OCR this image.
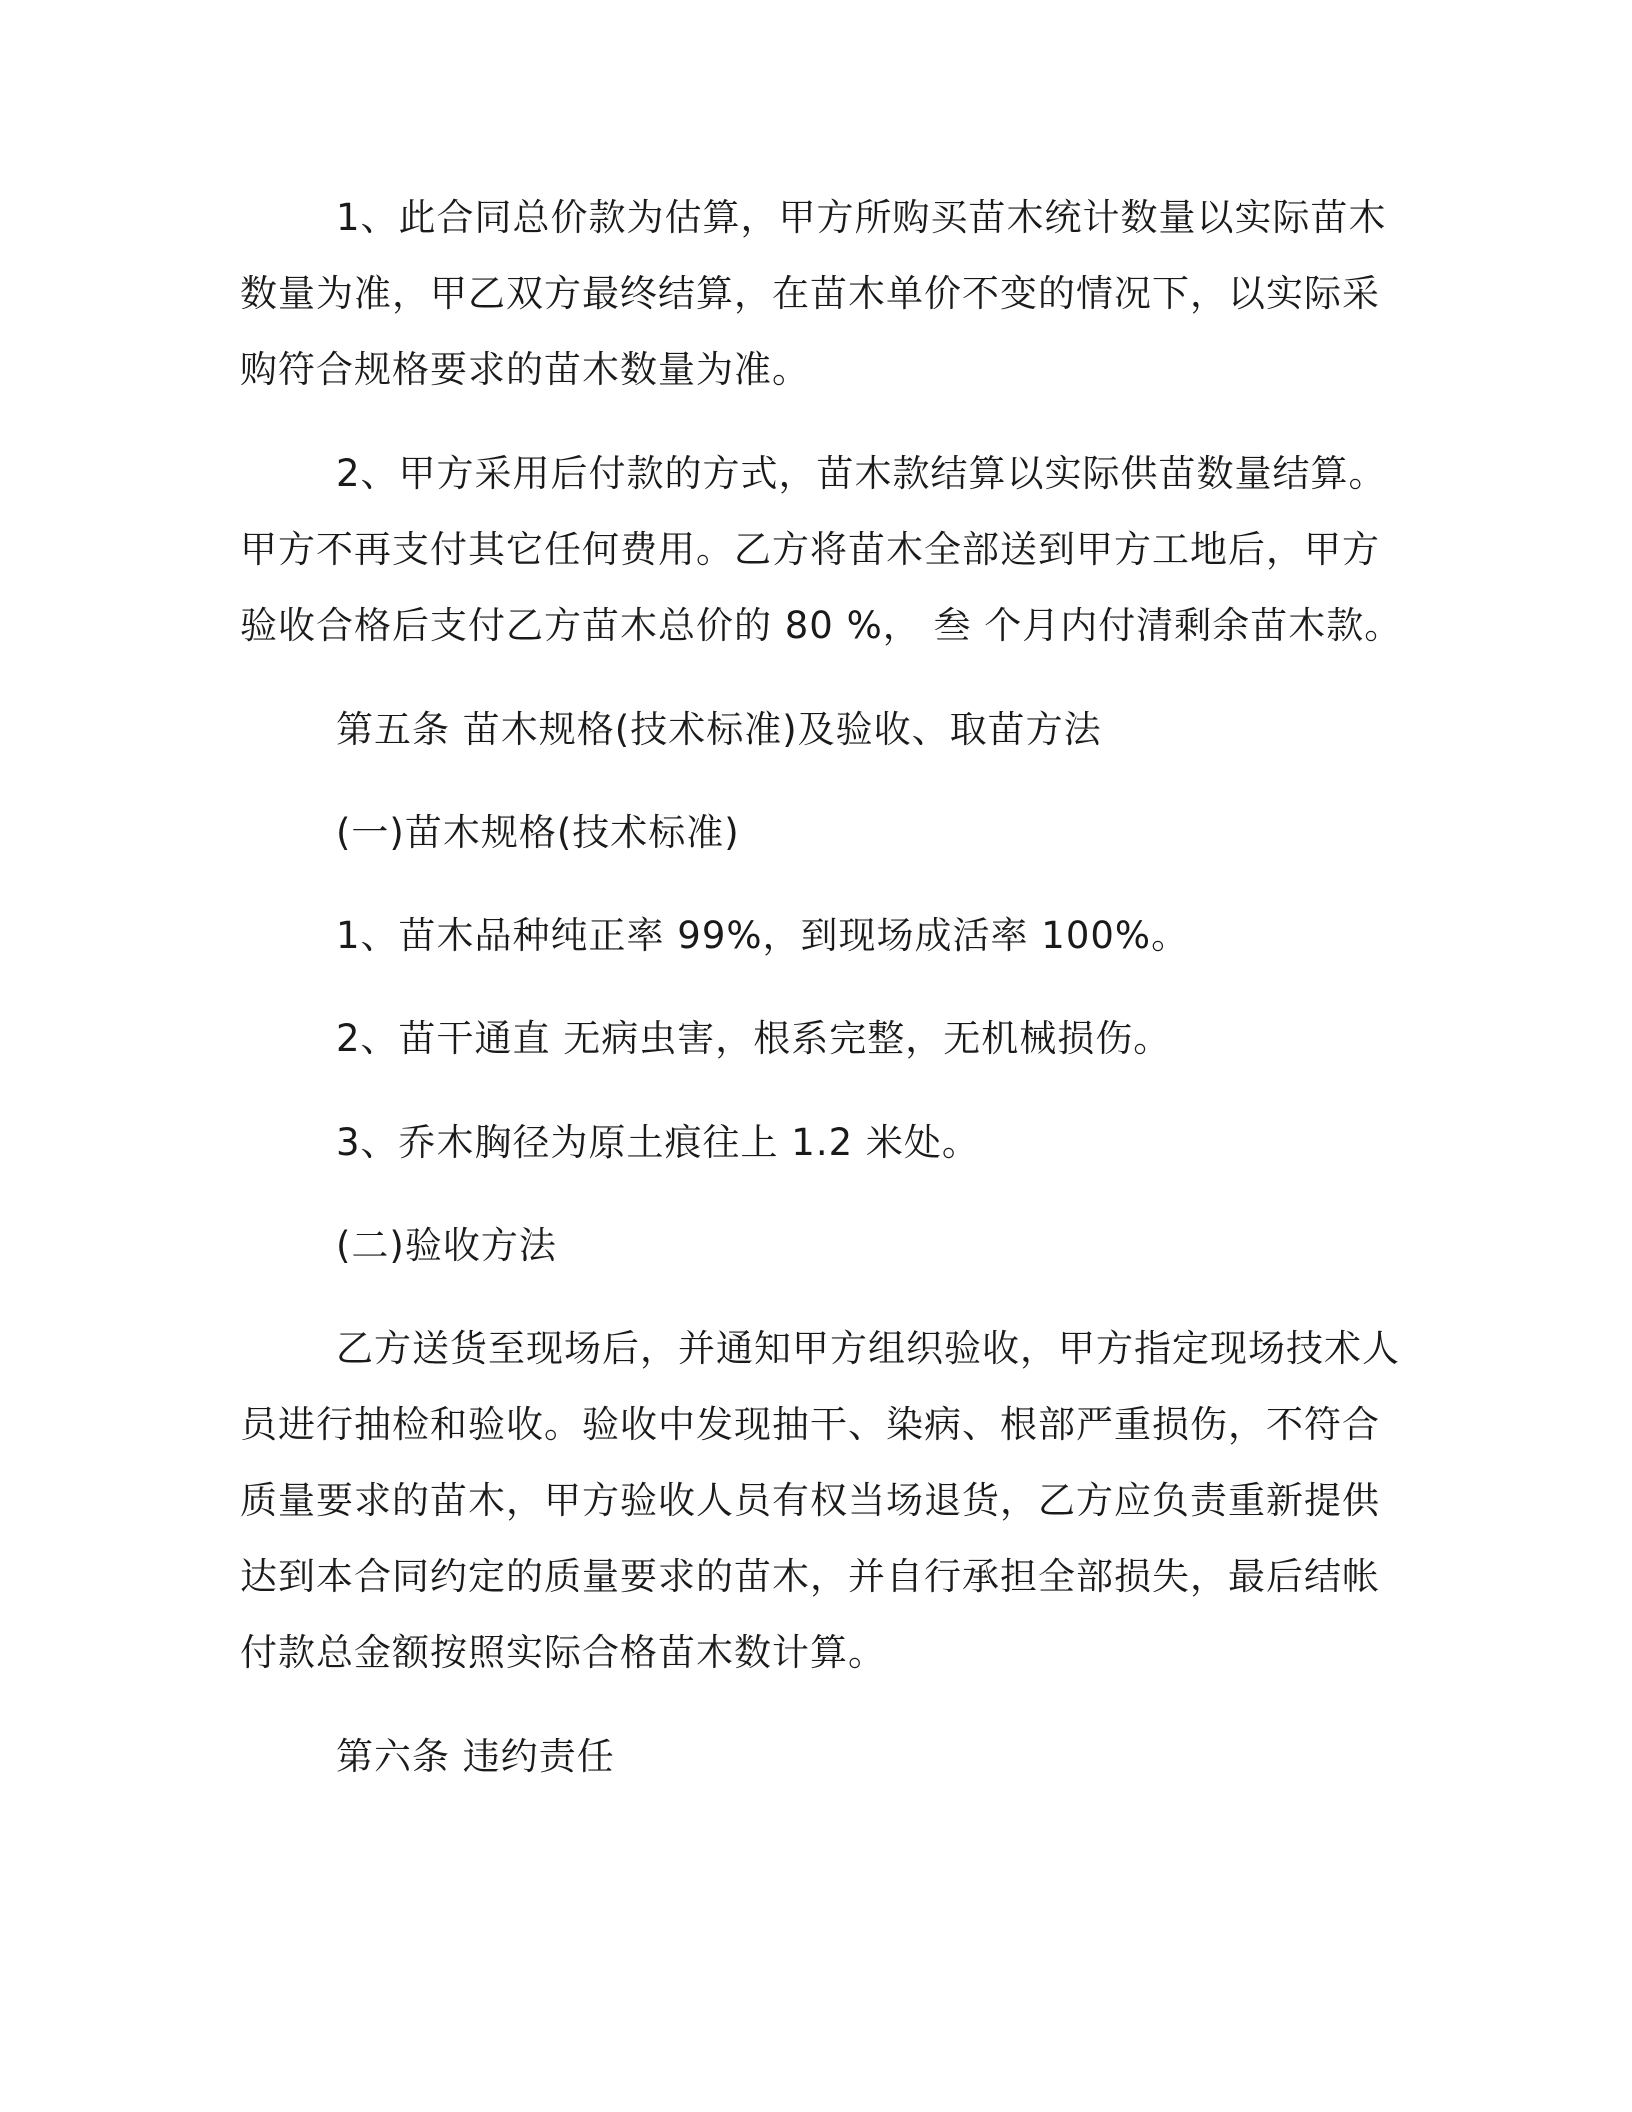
1、此合同总价款为估算，甲方所购买苗木统计数量以实际苗木
数量为准，甲乙双方最终结算，在苗木单价不变的情况下，以实际采
购符合规格要求的苗木数量为准。
2、甲方采用后付款的方式，苗木款结算以实际供苗数量结算。
甲方不再支付其它任何费用。乙方将苗木全部送到甲方工地后，甲方
验收合格后支付乙方苗木总价的 80 %， 叁 个月内付清剩余苗木款。
第五条 苗木规格(技术标准)及验收、取苗方法
(一)苗木规格(技术标准)
1、苗木品种纯正率 99%，到现场成活率 100%。
2、苗干通直 无病虫害，根系完整，无机械损伤。
3、乔木胸径为原土痕往上 1.2 米处。
(二)验收方法
乙方送货至现场后，并通知甲方组织验收，甲方指定现场技术人
员进行抽检和验收。验收中发现抽干、染病、根部严重损伤，不符合
质量要求的苗木，甲方验收人员有权当场退货，乙方应负责重新提供
达到本合同约定的质量要求的苗木，并自行承担全部损失，最后结帐
付款总金额按照实际合格苗木数计算。
第六条 违约责任
